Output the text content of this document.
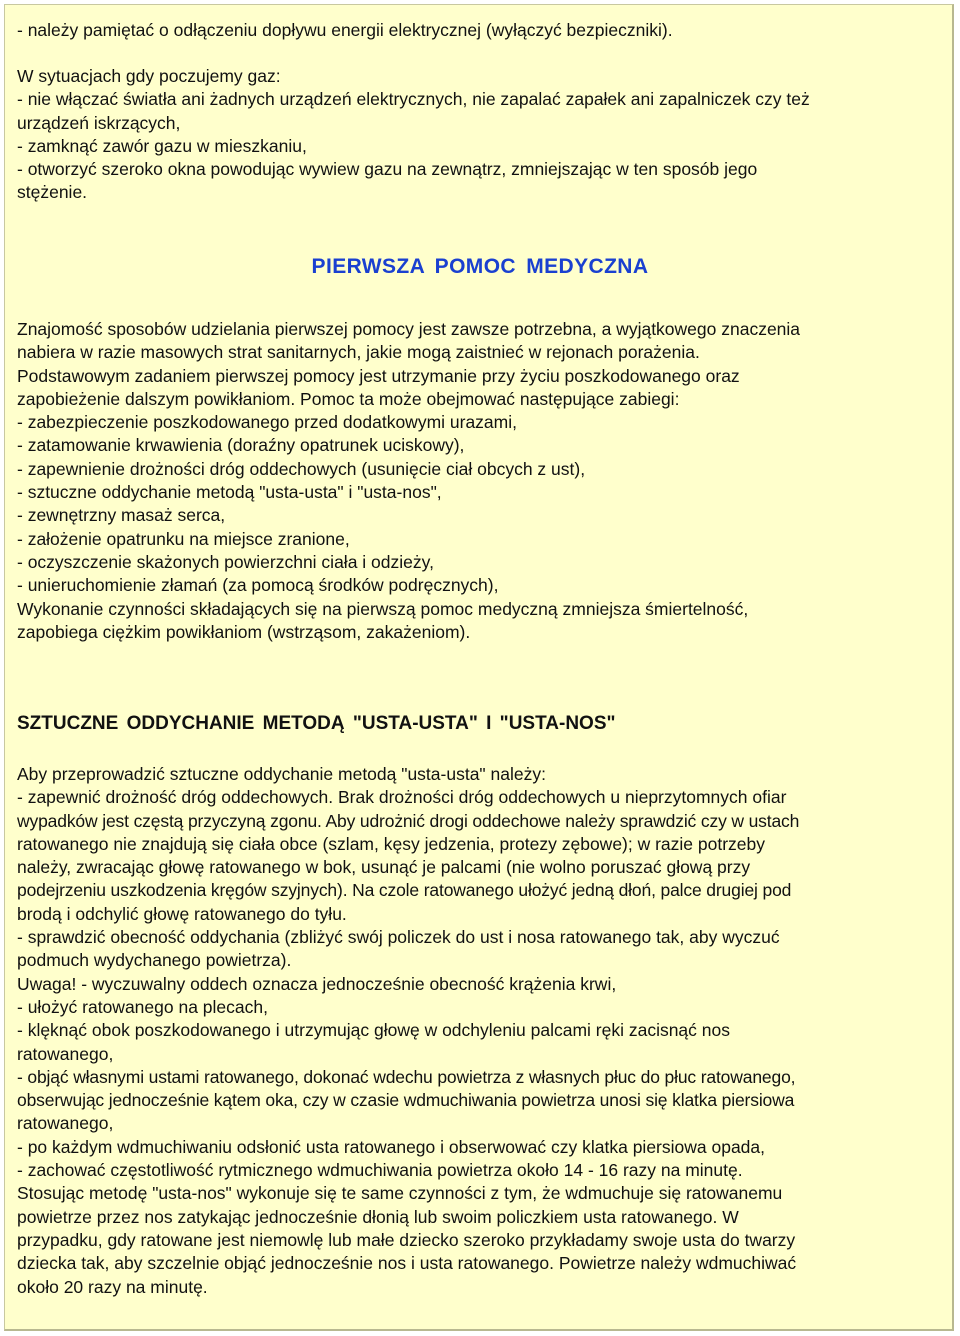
- należy pamiętać o odłączeniu dopływu energii elektrycznej (wyłączyć bezpieczniki).

W sytuacjach gdy poczujemy gaz:
- nie włączać światła ani żadnych urządzeń elektrycznych, nie zapalać zapałek ani zapalniczek czy też
urządzeń iskrzących,
- zamknąć zawór gazu w mieszkaniu,
- otworzyć szeroko okna powodując wywiew gazu na zewnątrz, zmniejszając w ten sposób jego
stężenie.

PIERWSZA POMOC MEDYCZNA

Znajomość sposobów udzielania pierwszej pomocy jest zawsze potrzebna, a wyjątkowego znaczenia
nabiera w razie masowych strat sanitarnych, jakie mogą zaistnieć w rejonach porażenia.
Podstawowym zadaniem pierwszej pomocy jest utrzymanie przy życiu poszkodowanego oraz
zapobieżenie dalszym powikłaniom. Pomoc ta może obejmować następujące zabiegi:
- zabezpieczenie poszkodowanego przed dodatkowymi urazami,
- zatamowanie krwawienia (doraźny opatrunek uciskowy),
- zapewnienie drożności dróg oddechowych (usunięcie ciał obcych z ust),
- sztuczne oddychanie metodą "usta-usta" i "usta-nos",
- zewnętrzny masaż serca,
- założenie opatrunku na miejsce zranione,
- oczyszczenie skażonych powierzchni ciała i odzieży,
- unieruchomienie złamań (za pomocą środków podręcznych),
Wykonanie czynności składających się na pierwszą pomoc medyczną zmniejsza śmiertelność,
zapobiega ciężkim powikłaniom (wstrząsom, zakażeniom).

SZTUCZNE ODDYCHANIE METODĄ "USTA-USTA" I "USTA-NOS"

Aby przeprowadzić sztuczne oddychanie metodą "usta-usta" należy:
- zapewnić drożność dróg oddechowych. Brak drożności dróg oddechowych u nieprzytomnych ofiar
wypadków jest częstą przyczyną zgonu. Aby udrożnić drogi oddechowe należy sprawdzić czy w ustach
ratowanego nie znajdują się ciała obce (szlam, kęsy jedzenia, protezy zębowe); w razie potrzeby
należy, zwracając głowę ratowanego w bok, usunąć je palcami (nie wolno poruszać głową przy
podejrzeniu uszkodzenia kręgów szyjnych). Na czole ratowanego ułożyć jedną dłoń, palce drugiej pod
brodą i odchylić głowę ratowanego do tyłu.
- sprawdzić obecność oddychania (zbliżyć swój policzek do ust i nosa ratowanego tak, aby wyczuć
podmuch wydychanego powietrza).
Uwaga! - wyczuwalny oddech oznacza jednocześnie obecność krążenia krwi,
- ułożyć ratowanego na plecach,
- klęknąć obok poszkodowanego i utrzymując głowę w odchyleniu palcami ręki zacisnąć nos
ratowanego,
- objąć własnymi ustami ratowanego, dokonać wdechu powietrza z własnych płuc do płuc ratowanego,
obserwując jednocześnie kątem oka, czy w czasie wdmuchiwania powietrza unosi się klatka piersiowa
ratowanego,
- po każdym wdmuchiwaniu odsłonić usta ratowanego i obserwować czy klatka piersiowa opada,
- zachować częstotliwość rytmicznego wdmuchiwania powietrza około 14 - 16 razy na minutę.
Stosując metodę "usta-nos" wykonuje się te same czynności z tym, że wdmuchuje się ratowanemu
powietrze przez nos zatykając jednocześnie dłonią lub swoim policzkiem usta ratowanego. W
przypadku, gdy ratowane jest niemowlę lub małe dziecko szeroko przykładamy swoje usta do twarzy
dziecka tak, aby szczelnie objąć jednocześnie nos i usta ratowanego. Powietrze należy wdmuchiwać
około 20 razy na minutę.
